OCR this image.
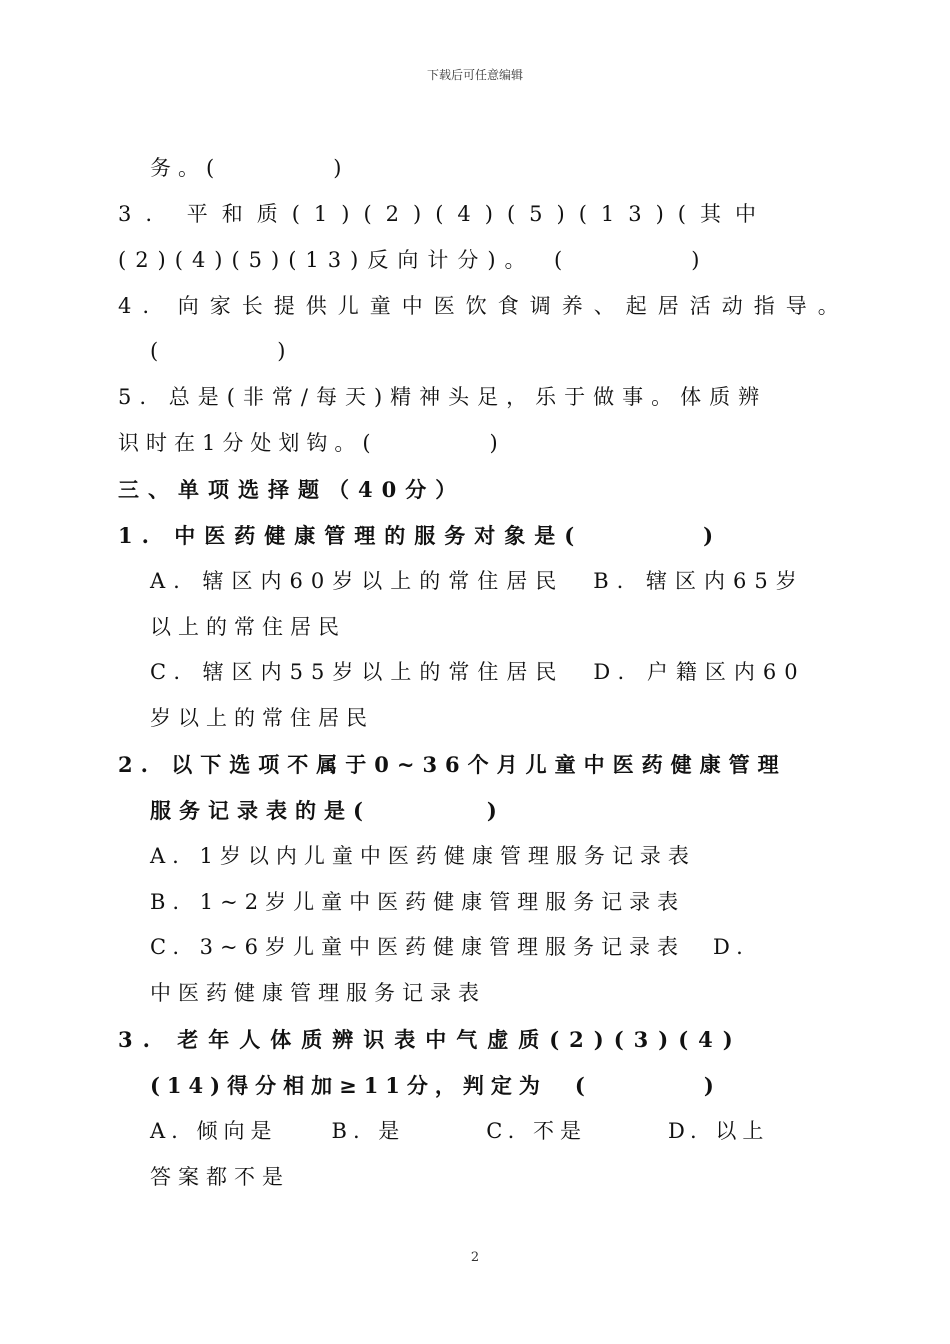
下载后可任意编辑
务。(　　　　)
3. 平和质(1)(2)(4)(5)(13)(其中
(2)(4)(5)(13)反向计分)。　(　　　　)
4. 向家长提供儿童中医饮食调养、起居活动指导。
(　　　　)
5. 总是(非常/每天)精神头足，乐于做事。体质辨
识时在1分处划钩。(　　　　)
三、单项选择题（40分）
1. 中医药健康管理的服务对象是(　　　　)
A. 辖区内60岁以上的常住居民　B. 辖区内65岁
以上的常住居民
C. 辖区内55岁以上的常住居民　D. 户籍区内60
岁以上的常住居民
2. 以下选项不属于0~36个月儿童中医药健康管理
服务记录表的是(　　　　)
A. 1岁以内儿童中医药健康管理服务记录表
B. 1~2岁儿童中医药健康管理服务记录表
C. 3~6岁儿童中医药健康管理服务记录表　D.
中医药健康管理服务记录表
3. 老年人体质辨识表中气虚质(2)(3)(4)
(14)得分相加≥11分，判定为　(　　　　)
A. 倾向是　　B. 是　　　C. 不是　　　D. 以上
答案都不是
2
